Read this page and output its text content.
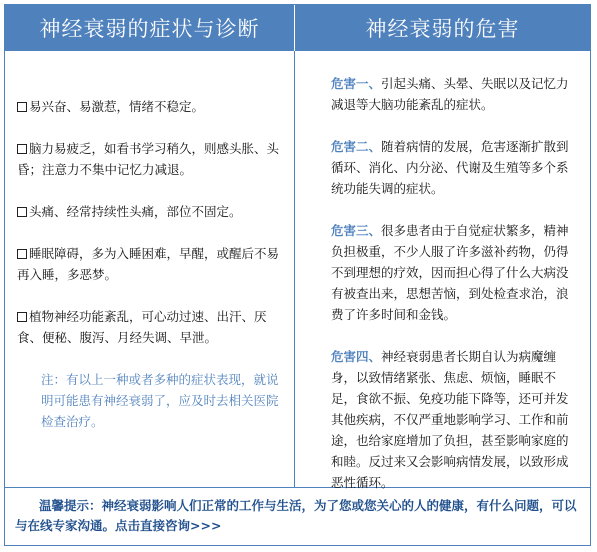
神经衰弱的症状与诊断	神经衰弱的危害

易兴奋、易激惹，情绪不稳定。

脑力易疲乏，如看书学习稍久，则感头胀、头昏；注意力不集中记忆力减退。

头痛、经常持续性头痛，部位不固定。

睡眠障碍，多为入睡困难，早醒，或醒后不易再入睡，多恶梦。

植物神经功能紊乱，可心动过速、出汗、厌食、便秘、腹泻、月经失调、早泄。

注：有以上一种或者多种的症状表现，就说明可能患有神经衰弱了，应及时去相关医院检查治疗。

危害一、引起头痛、头晕、失眠以及记忆力减退等大脑功能紊乱的症状。

危害二、随着病情的发展，危害逐渐扩散到循环、消化、内分泌、代谢及生殖等多个系统功能失调的症状。

危害三、很多患者由于自觉症状繁多，精神负担极重，不少人服了许多滋补药物，仍得不到理想的疗效，因而担心得了什么大病没有被查出来，思想苦恼，到处检查求治，浪费了许多时间和金钱。

危害四、神经衰弱患者长期自认为病魔缠身，以致情绪紧张、焦虑、烦恼，睡眠不足，食欲不振、免疫功能下降等，还可并发其他疾病，不仅严重地影响学习、工作和前途，也给家庭增加了负担，甚至影响家庭的和睦。反过来又会影响病情发展，以致形成恶性循环。

温馨提示：神经衰弱影响人们正常的工作与生活，为了您或您关心的人的健康，有什么问题，可以与在线专家沟通。点击直接咨询>>>
